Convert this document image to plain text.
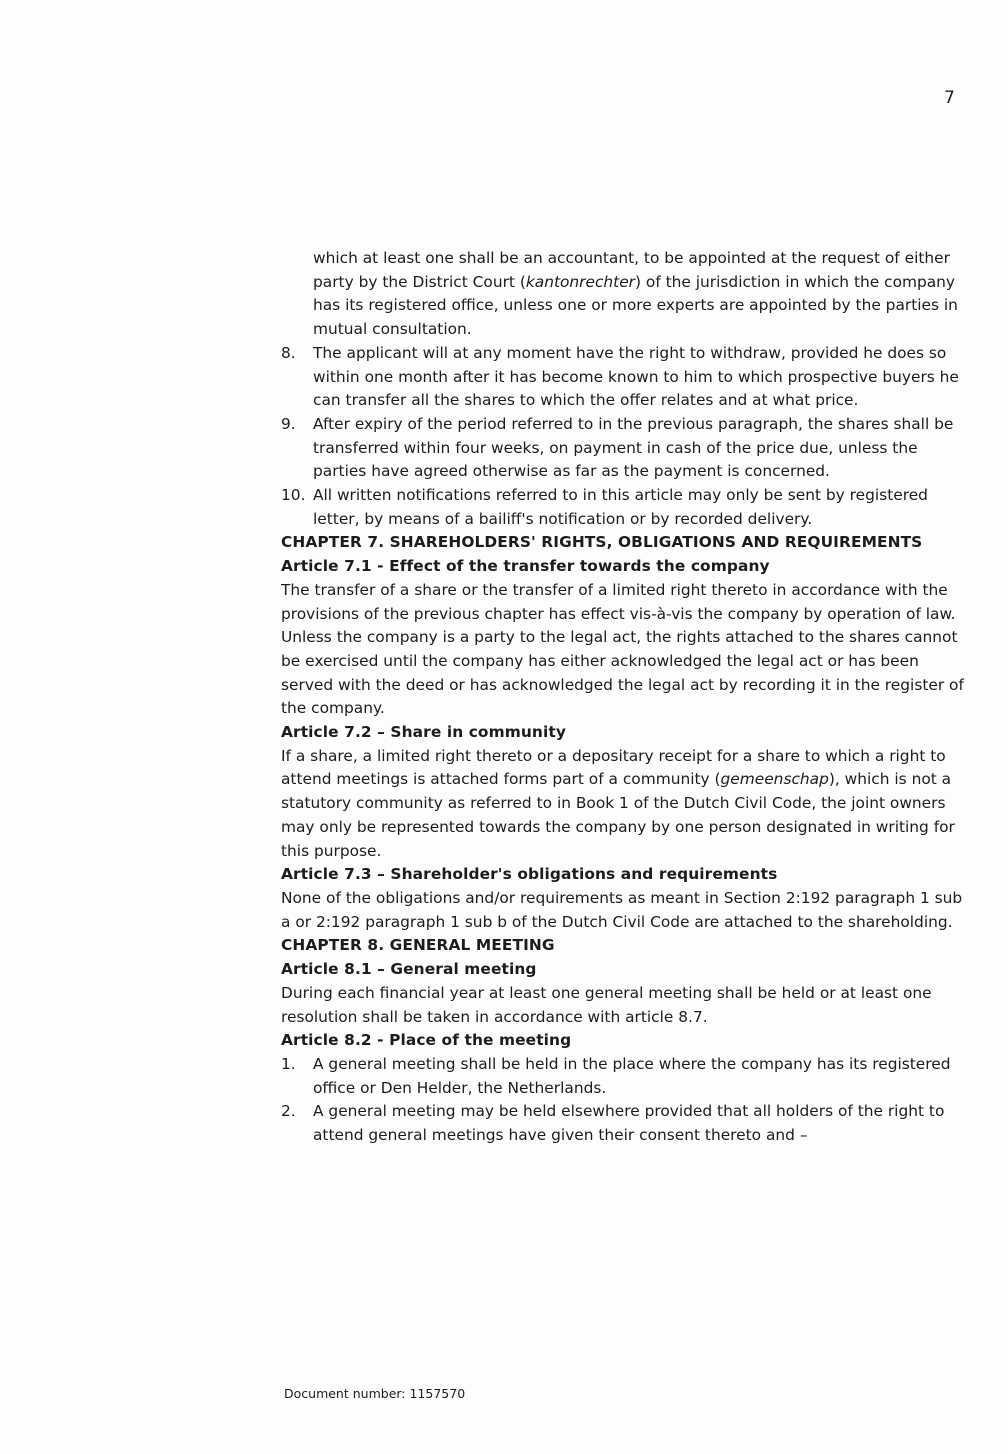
7

which at least one shall be an accountant, to be appointed at the request of either party by the District Court (kantonrechter) of the jurisdiction in which the company has its registered office, unless one or more experts are appointed by the parties in mutual consultation.

8.	The applicant will at any moment have the right to withdraw, provided he does so within one month after it has become known to him to which prospective buyers he can transfer all the shares to which the offer relates and at what price.
9.	After expiry of the period referred to in the previous paragraph, the shares shall be transferred within four weeks, on payment in cash of the price due, unless the parties have agreed otherwise as far as the payment is concerned.
10. All written notifications referred to in this article may only be sent by registered letter, by means of a bailiff's notification or by recorded delivery.

CHAPTER 7. SHAREHOLDERS' RIGHTS, OBLIGATIONS AND REQUIREMENTS

Article 7.1 - Effect of the transfer towards the company

The transfer of a share or the transfer of a limited right thereto in accordance with the provisions of the previous chapter has effect vis-à-vis the company by operation of law.

Unless the company is a party to the legal act, the rights attached to the shares cannot be exercised until the company has either acknowledged the legal act or has been served with the deed or has acknowledged the legal act by recording it in the register of the company.

Article 7.2 – Share in community

If a share, a limited right thereto or a depositary receipt for a share to which a right to attend meetings is attached forms part of a community (gemeenschap), which is not a statutory community as referred to in Book 1 of the Dutch Civil Code, the joint owners may only be represented towards the company by one person designated in writing for this purpose.

Article 7.3 – Shareholder's obligations and requirements

None of the obligations and/or requirements as meant in Section 2:192 paragraph 1 sub a or 2:192 paragraph 1 sub b of the Dutch Civil Code are attached to the shareholding.

CHAPTER 8. GENERAL MEETING

Article 8.1 – General meeting

During each financial year at least one general meeting shall be held or at least one resolution shall be taken in accordance with article 8.7.

Article 8.2 - Place of the meeting

1.	A general meeting shall be held in the place where the company has its registered office or Den Helder, the Netherlands.
2.	A general meeting may be held elsewhere provided that all holders of the right to attend general meetings have given their consent thereto and –
Document number: 1157570
